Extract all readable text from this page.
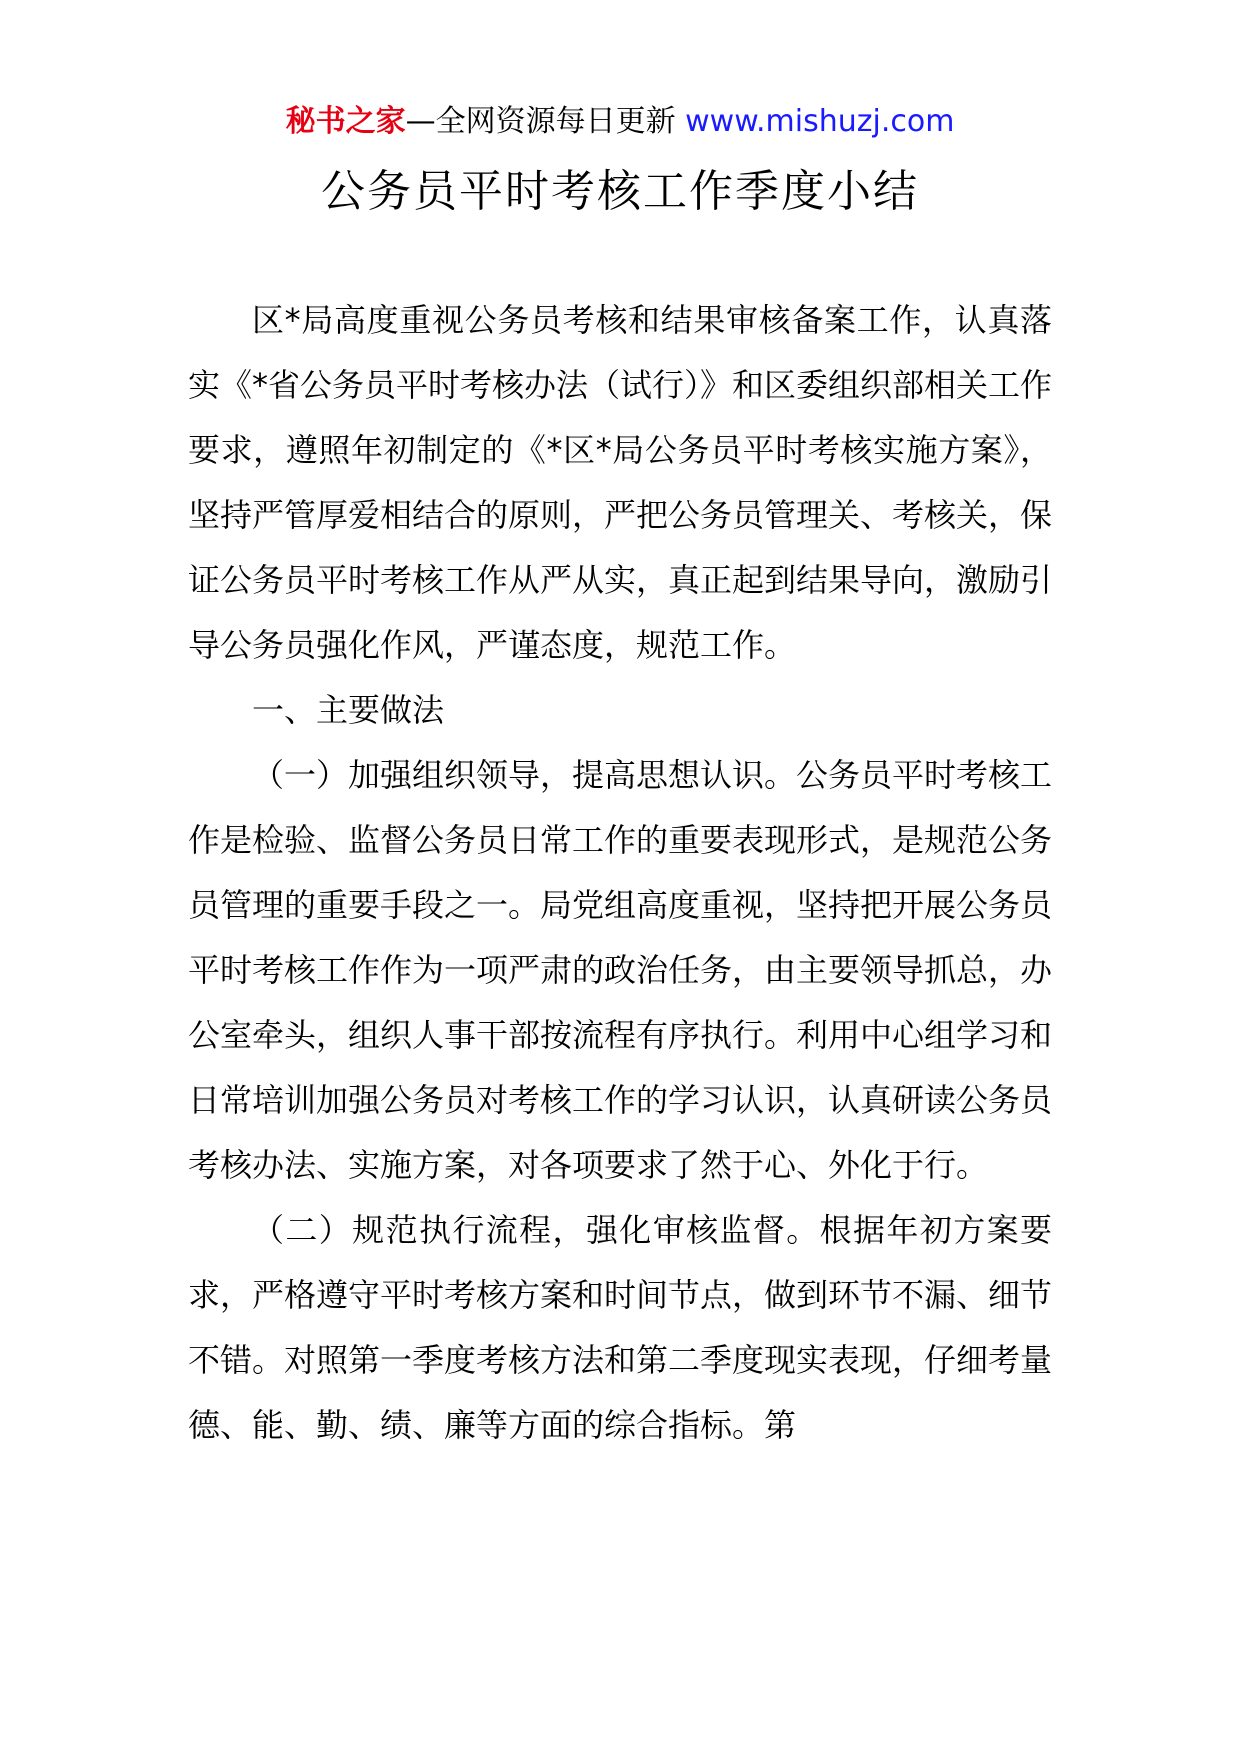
秘书之家—全网资源每日更新 www.mishuzj.com
公务员平时考核工作季度小结

区*局高度重视公务员考核和结果审核备案工作，认真落实《*省公务员平时考核办法（试行）》和区委组织部相关工作要求，遵照年初制定的《*区*局公务员平时考核实施方案》，坚持严管厚爱相结合的原则，严把公务员管理关、考核关，保证公务员平时考核工作从严从实，真正起到结果导向，激励引导公务员强化作风，严谨态度，规范工作。

一、主要做法

（一）加强组织领导，提高思想认识。公务员平时考核工作是检验、监督公务员日常工作的重要表现形式，是规范公务员管理的重要手段之一。局党组高度重视，坚持把开展公务员平时考核工作作为一项严肃的政治任务，由主要领导抓总，办公室牵头，组织人事干部按流程有序执行。利用中心组学习和日常培训加强公务员对考核工作的学习认识，认真研读公务员考核办法、实施方案，对各项要求了然于心、外化于行。

（二）规范执行流程，强化审核监督。根据年初方案要求，严格遵守平时考核方案和时间节点，做到环节不漏、细节不错。对照第一季度考核方法和第二季度现实表现，仔细考量德、能、勤、绩、廉等方面的综合指标。第
